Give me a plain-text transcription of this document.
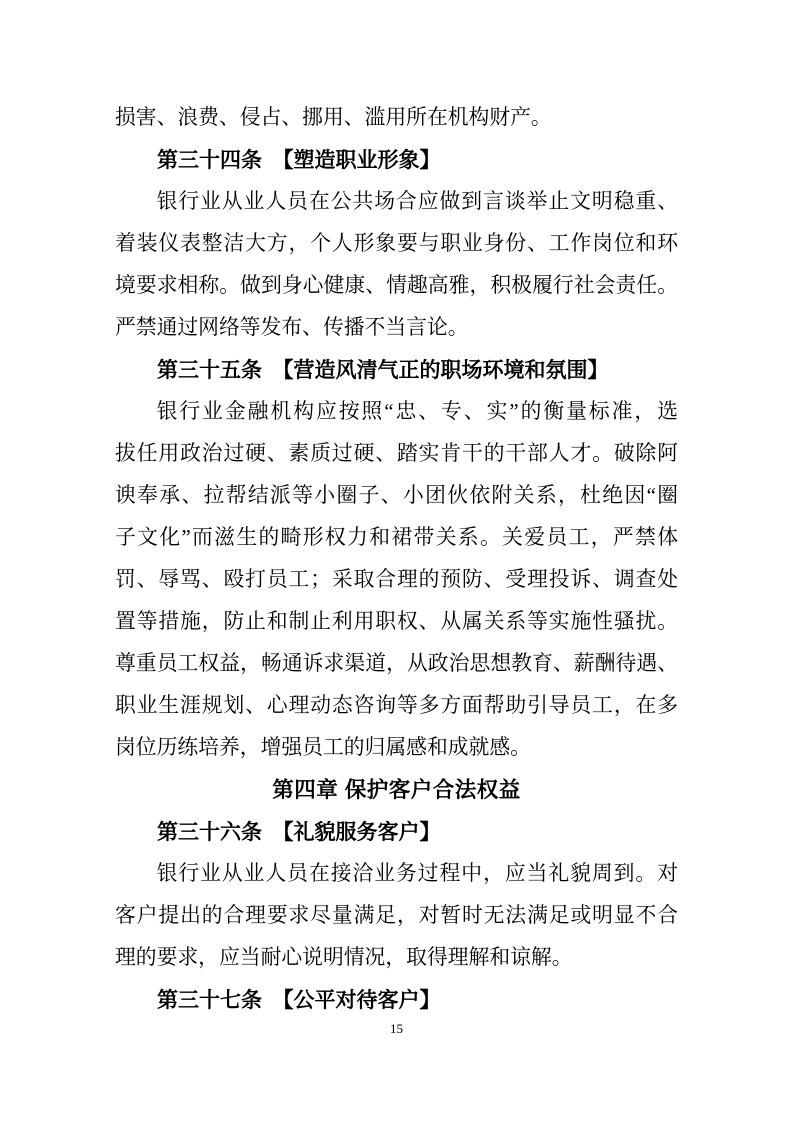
损害、浪费、侵占、挪用、滥用所在机构财产。
第三十四条　【塑造职业形象】
银行业从业人员在公共场合应做到言谈举止文明稳重、
着装仪表整洁大方，个人形象要与职业身份、工作岗位和环
境要求相称。做到身心健康、情趣高雅，积极履行社会责任。
严禁通过网络等发布、传播不当言论。
第三十五条　【营造风清气正的职场环境和氛围】
银行业金融机构应按照“忠、专、实”的衡量标准，选
拔任用政治过硬、素质过硬、踏实肯干的干部人才。破除阿
谀奉承、拉帮结派等小圈子、小团伙依附关系，杜绝因“圈
子文化”而滋生的畸形权力和裙带关系。关爱员工，严禁体
罚、辱骂、殴打员工；采取合理的预防、受理投诉、调查处
置等措施，防止和制止利用职权、从属关系等实施性骚扰。
尊重员工权益，畅通诉求渠道，从政治思想教育、薪酬待遇、
职业生涯规划、心理动态咨询等多方面帮助引导员工，在多
岗位历练培养，增强员工的归属感和成就感。
第四章 保护客户合法权益
第三十六条　【礼貌服务客户】
银行业从业人员在接洽业务过程中，应当礼貌周到。对
客户提出的合理要求尽量满足，对暂时无法满足或明显不合
理的要求，应当耐心说明情况，取得理解和谅解。
第三十七条　【公平对待客户】
15
